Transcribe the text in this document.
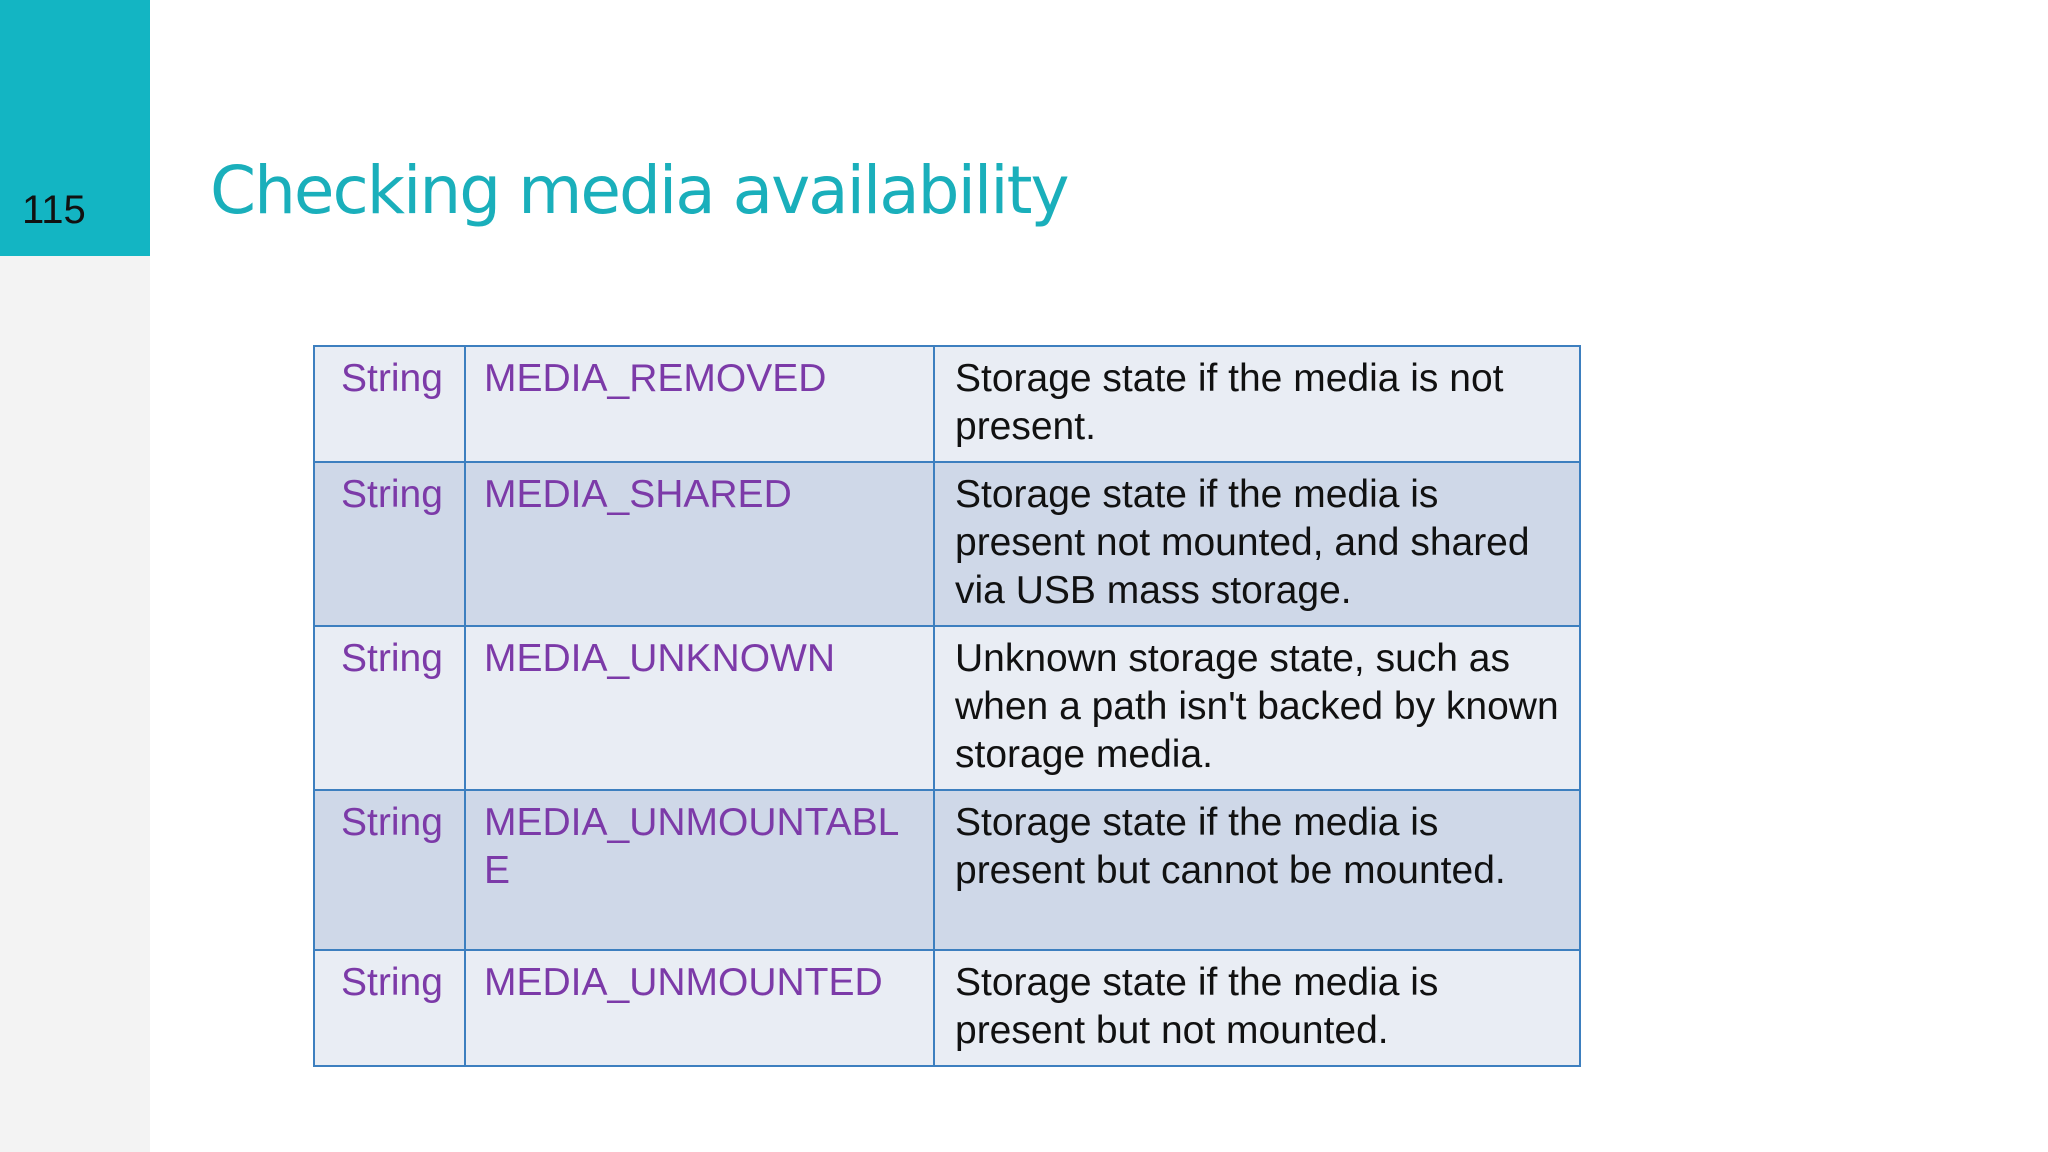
115 Checking media availability
String	MEDIA_REMOVED	Storage state if the media is not present.
String	MEDIA_SHARED	Storage state if the media is present not mounted, and shared via USB mass storage.
String	MEDIA_UNKNOWN	Unknown storage state, such as when a path isn't backed by known storage media.
String	MEDIA_UNMOUNTABLE	Storage state if the media is present but cannot be mounted.
String	MEDIA_UNMOUNTED	Storage state if the media is present but not mounted.
